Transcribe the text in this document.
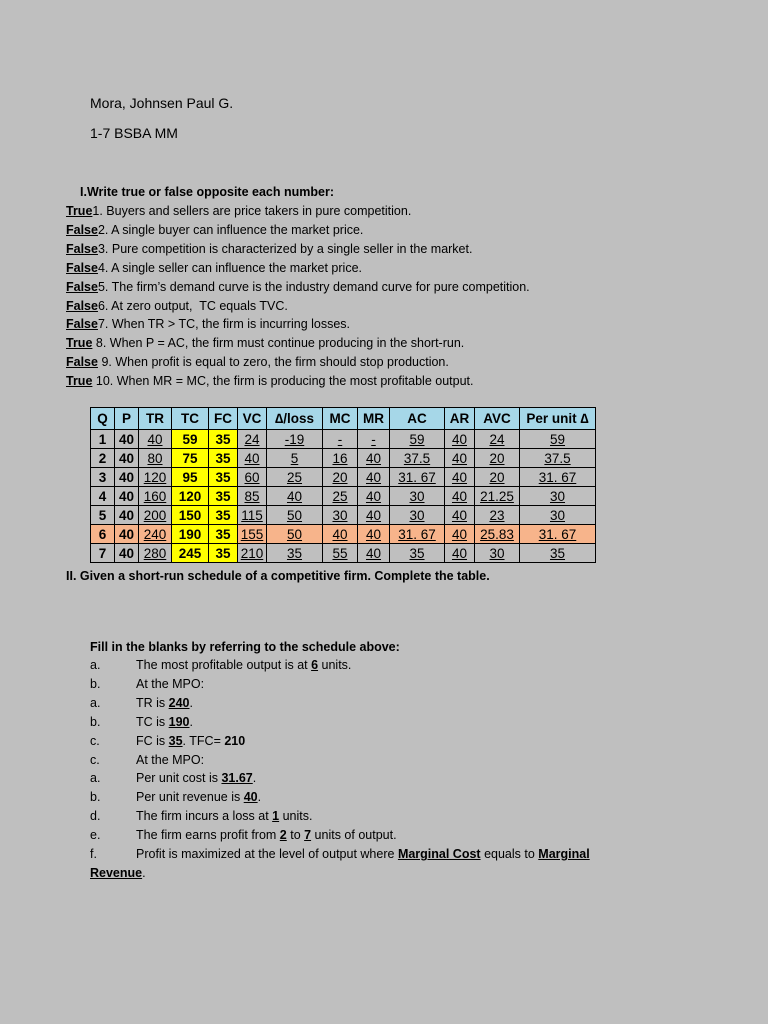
Mora, Johnsen Paul G.
1-7 BSBA MM
I.Write true or false opposite each number:
True1. Buyers and sellers are price takers in pure competition.
False2. A single buyer can influence the market price.
False3. Pure competition is characterized by a single seller in the market.
False4. A single seller can influence the market price.
False5. The firm’s demand curve is the industry demand curve for pure competition.
False6. At zero output,  TC equals TVC.
False7. When TR > TC, the firm is incurring losses.
True 8. When P = AC, the firm must continue producing in the short-run.
False 9. When profit is equal to zero, the firm should stop production.
True 10. When MR = MC, the firm is producing the most profitable output.
Q	P	TR	TC	FC	VC	∆/loss	MC	MR	AC	AR	AVC	Per unit ∆
1	40	40	59	35	24	-19	-	-	59	40	24	59
2	40	80	75	35	40	5	16	40	37.5	40	20	37.5
3	40	120	95	35	60	25	20	40	31. 67	40	20	31. 67
4	40	160	120	35	85	40	25	40	30	40	21.25	30
5	40	200	150	35	115	50	30	40	30	40	23	30
6	40	240	190	35	155	50	40	40	31. 67	40	25.83	31. 67
7	40	280	245	35	210	35	55	40	35	40	30	35
II. Given a short-run schedule of a competitive firm. Complete the table.
Fill in the blanks by referring to the schedule above:
a.	The most profitable output is at 6 units.
b.	At the MPO:
a.	TR is 240.
b.	TC is 190.
c.	FC is 35. TFC= 210
c.	At the MPO:
a.	Per unit cost is 31.67.
b.	Per unit revenue is 40.
d.	The firm incurs a loss at 1 units.
e.	The firm earns profit from 2 to 7 units of output.
f.	Profit is maximized at the level of output where Marginal Cost equals to Marginal
Revenue.
